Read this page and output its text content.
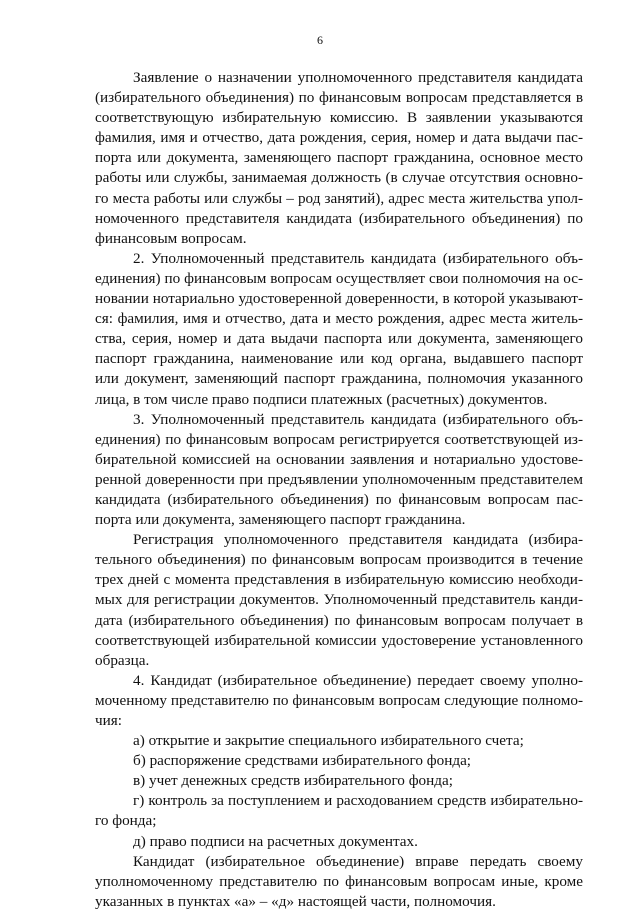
6

Заявление о назначении уполномоченного представителя кандидата (избирательного объединения) по финансовым вопросам представляется в соответствующую избирательную комиссию. В заявлении указываются фамилия, имя и отчество, дата рождения, серия, номер и дата выдачи паспорта или документа, заменяющего паспорт гражданина, основное место работы или службы, занимаемая должность (в случае отсутствия основного места работы или службы – род занятий), адрес места жительства уполномоченного представителя кандидата (избирательного объединения) по финансовым вопросам.

2. Уполномоченный представитель кандидата (избирательного объединения) по финансовым вопросам осуществляет свои полномочия на основании нотариально удостоверенной доверенности, в которой указываются: фамилия, имя и отчество, дата и место рождения, адрес места жительства, серия, номер и дата выдачи паспорта или документа, заменяющего паспорт гражданина, наименование или код органа, выдавшего паспорт или документ, заменяющий паспорт гражданина, полномочия указанного лица, в том числе право подписи платежных (расчетных) документов.

3. Уполномоченный представитель кандидата (избирательного объединения) по финансовым вопросам регистрируется соответствующей избирательной комиссией на основании заявления и нотариально удостоверенной доверенности при предъявлении уполномоченным представителем кандидата (избирательного объединения) по финансовым вопросам паспорта или документа, заменяющего паспорт гражданина.

Регистрация уполномоченного представителя кандидата (избирательного объединения) по финансовым вопросам производится в течение трех дней с момента представления в избирательную комиссию необходимых для регистрации документов. Уполномоченный представитель кандидата (избирательного объединения) по финансовым вопросам получает в соответствующей избирательной комиссии удостоверение установленного образца.

4. Кандидат (избирательное объединение) передает своему уполномоченному представителю по финансовым вопросам следующие полномочия:

а) открытие и закрытие специального избирательного счета;

б) распоряжение средствами избирательного фонда;

в) учет денежных средств избирательного фонда;

г) контроль за поступлением и расходованием средств избирательного фонда;

д) право подписи на расчетных документах.

Кандидат (избирательное объединение) вправе передать своему уполномоченному представителю по финансовым вопросам иные, кроме указанных в пунктах «а» – «д» настоящей части, полномочия.
